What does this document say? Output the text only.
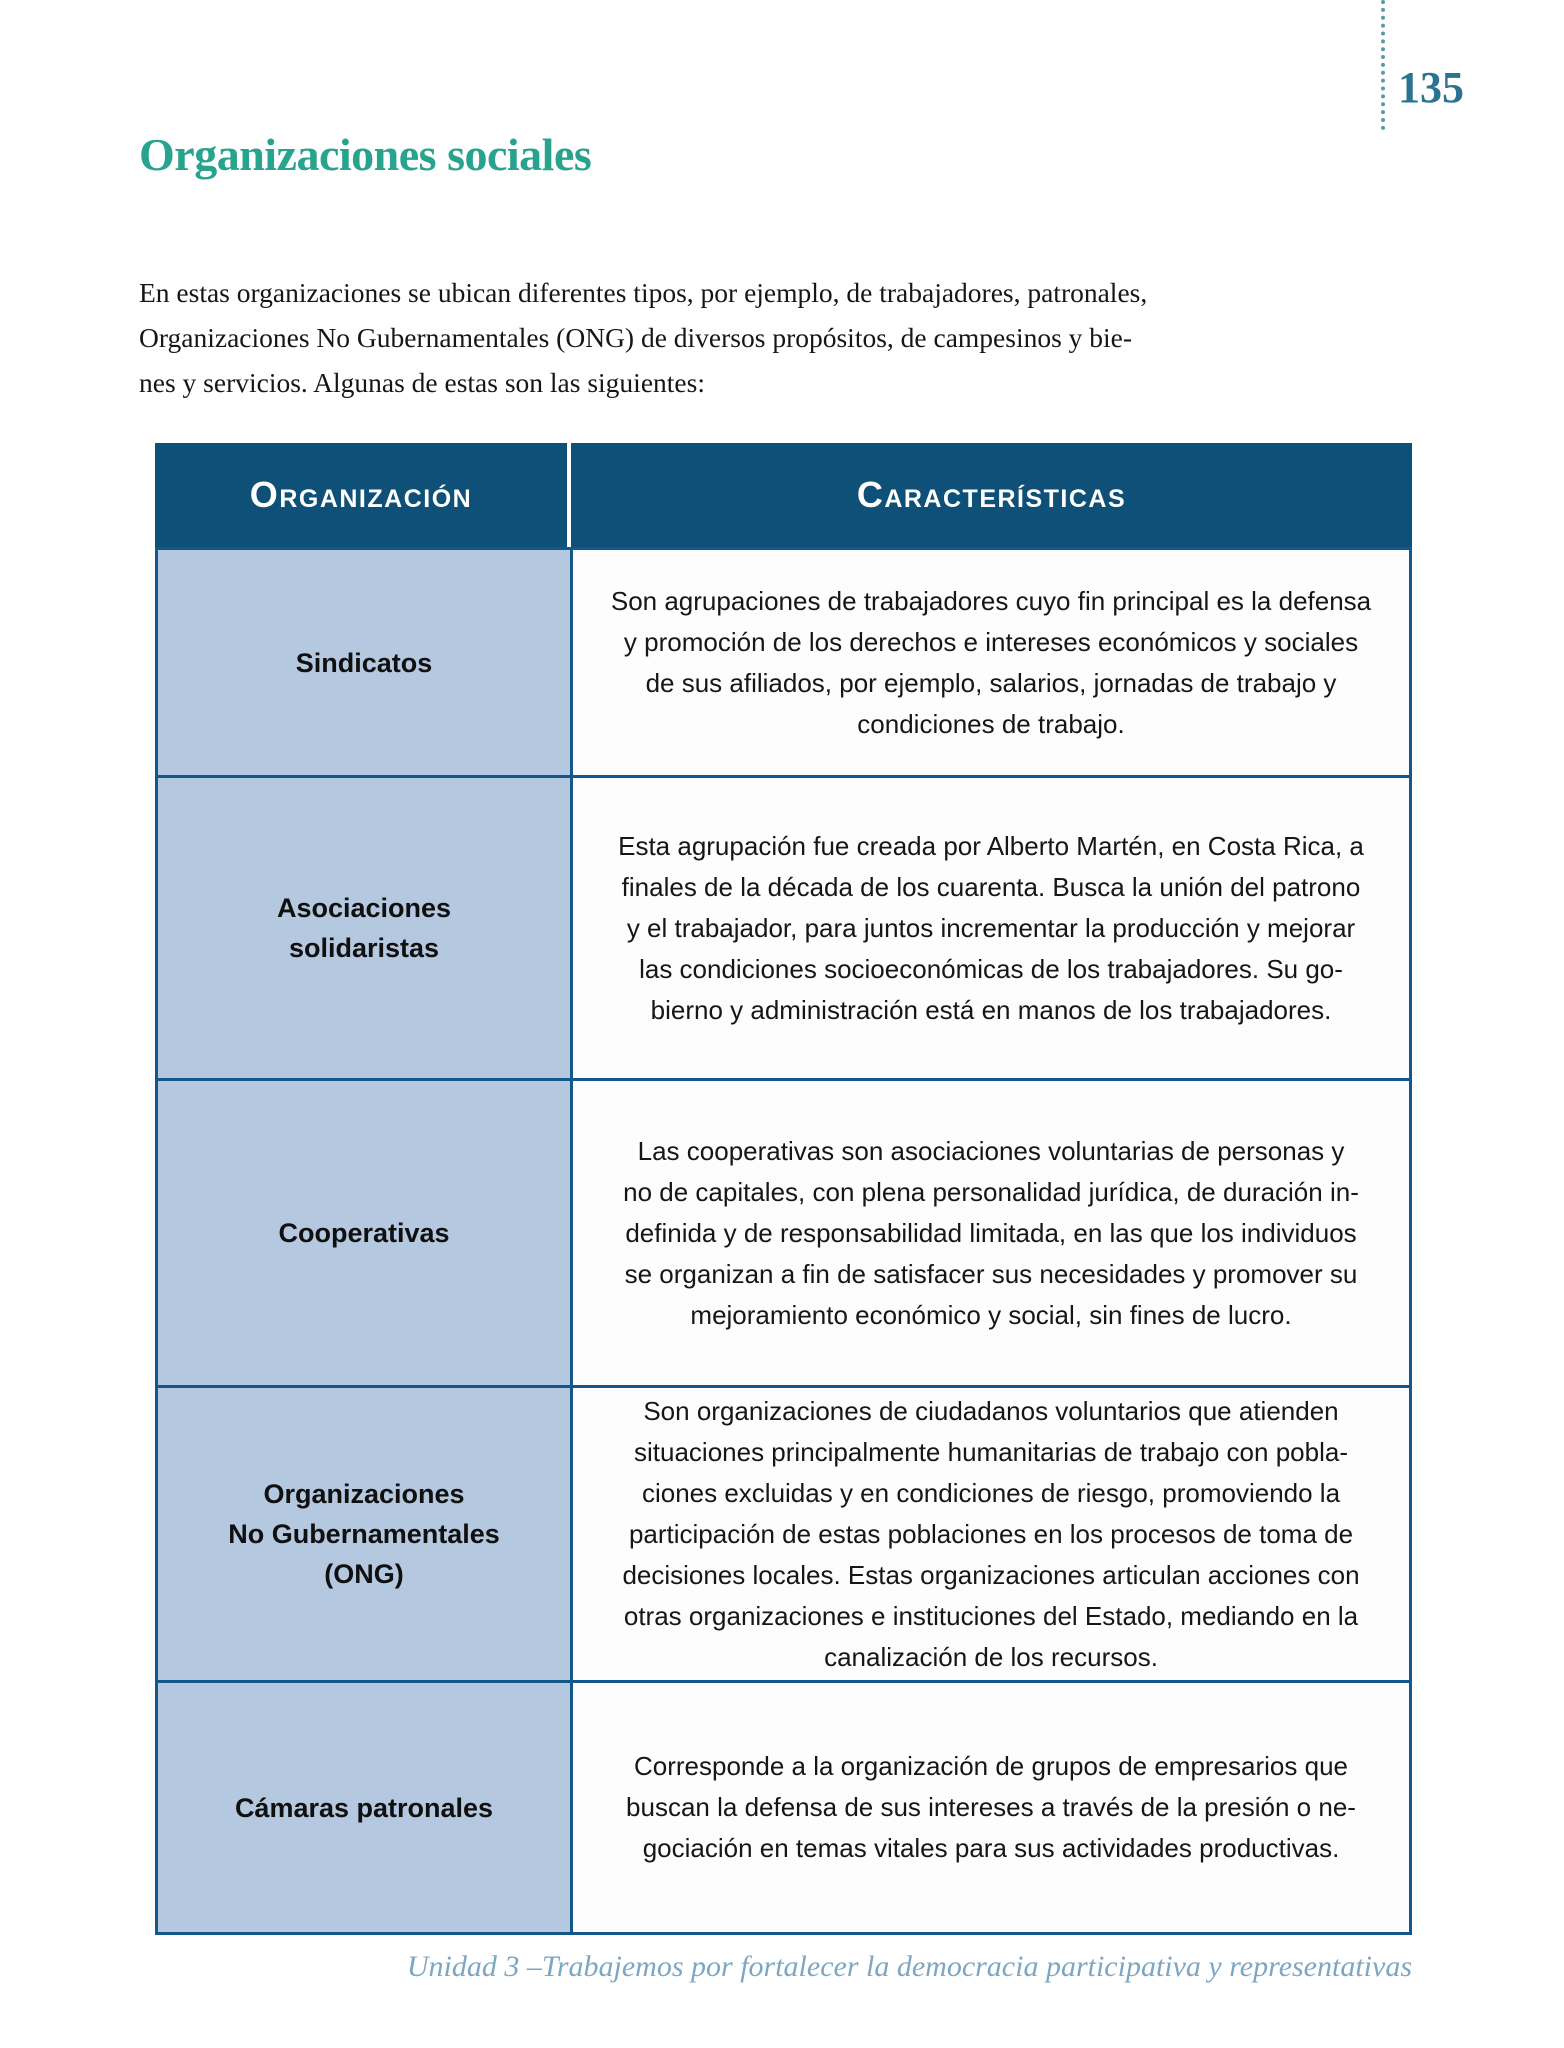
135
Organizaciones sociales
En estas organizaciones se ubican diferentes tipos, por ejemplo, de trabajadores, patronales,
Organizaciones No Gubernamentales (ONG) de diversos propósitos, de campesinos y bie-
nes y servicios. Algunas de estas son las siguientes:
ORGANIZACIÓN	CARACTERÍSTICAS
Sindicatos
Son agrupaciones de trabajadores cuyo fin principal es la defensa
y promoción de los derechos e intereses económicos y sociales
de sus afiliados, por ejemplo, salarios, jornadas de trabajo y
condiciones de trabajo.
Asociaciones
solidaristas
Esta agrupación fue creada por Alberto Martén, en Costa Rica, a
finales de la década de los cuarenta. Busca la unión del patrono
y el trabajador, para juntos incrementar la producción y mejorar
las condiciones socioeconómicas de los trabajadores. Su go-
bierno y administración está en manos de los trabajadores.
Cooperativas
Las cooperativas son asociaciones voluntarias de personas y
no de capitales, con plena personalidad jurídica, de duración in-
definida y de responsabilidad limitada, en las que los individuos
se organizan a fin de satisfacer sus necesidades y promover su
mejoramiento económico y social, sin fines de lucro.
Organizaciones
No Gubernamentales
(ONG)
Son organizaciones de ciudadanos voluntarios que atienden
situaciones principalmente humanitarias de trabajo con pobla-
ciones excluidas y en condiciones de riesgo, promoviendo la
participación de estas poblaciones en los procesos de toma de
decisiones locales. Estas organizaciones articulan acciones con
otras organizaciones e instituciones del Estado, mediando en la
canalización de los recursos.
Cámaras patronales
Corresponde a la organización de grupos de empresarios que
buscan la defensa de sus intereses a través de la presión o ne-
gociación en temas vitales para sus actividades productivas.
Unidad 3 –Trabajemos por fortalecer la democracia participativa y representativas
